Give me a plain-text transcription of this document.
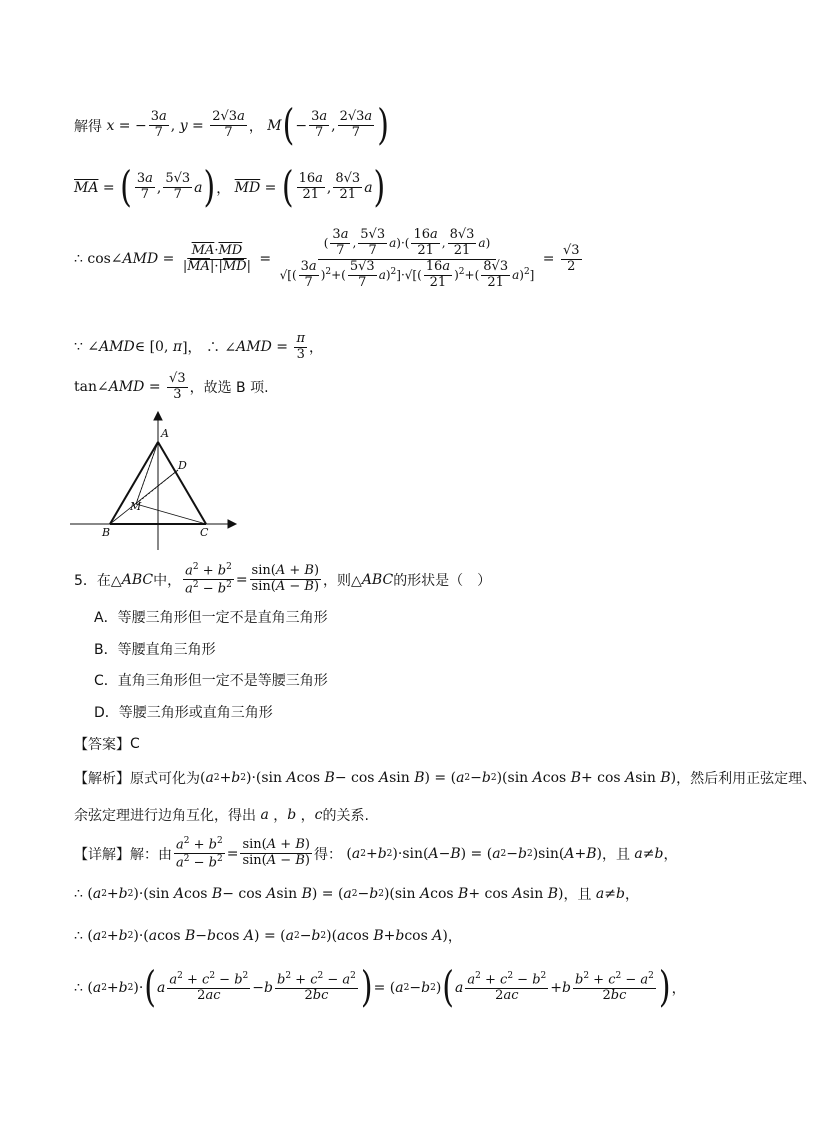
解得 x = − $\frac{3a}{7}$ , $y = \frac{2√3a}{7}$ ， M ( − $\frac{3a}{7}$ , $\frac{2√3a}{7}$ )
$\overline{MA}$ = ( $\frac{3a}{7}$ , $\frac{5√3}{7}$ a ) ， $\overline{MD}$ = ( $\frac{16a}{21}$ , $\frac{8√3}{21}$ a )
∴ cos∠ AMD = $\frac{\overline{MA}\cdot\overline{MD}}{|\overline{MA}|\cdot|\overline{MD}|} = \frac{( \frac{3a}{7} , \frac{5√3}{7} a)\cdot( \frac{16a}{21} , \frac{8√3}{21} a)}{√[( \frac{3a}{7} )^2+( \frac{5√3}{7} a)^2]\cdot√[( \frac{16a}{21} )^2+( \frac{8√3}{21} a)^2]} = \frac{√3}{2}$
∵ ∠ AMD ∈ [0, π ]， ∴ ∠ AMD = $\frac{\pi}{3}$ ，
tan∠ AMD = $\frac{√3}{3}$ ，故选 B 项.
A
D
M
B	C
5． 在△ ABC 中， $\frac{a^2 + b^2}{a^2 - b^2} = \frac{\sin(A + B)}{\sin(A - B)}$ ，则△ ABC 的形状是（　）
A．等腰三角形但一定不是直角三角形
B．等腰直角三角形
C．直角三角形但一定不是等腰三角形
D．等腰三角形或直角三角形
【答案】 C
【解析】 原式可化为 ( a 2 + b 2 )·(sin A cos B − cos A sin B ) = ( a 2 − b 2 )(sin A cos B + cos A sin B ) ，然后利用正弦定理、
余弦定理进行边角互化，得出 a ， b ， c 的关系.
【详解】 解：由 $\frac{a^2 + b^2}{a^2 - b^2} = \frac{\sin(A + B)}{\sin(A - B)}$ 得： ( a 2 + b 2 )·sin( A − B ) = ( a 2 − b 2 )sin( A + B ) ，且
a ≠ b ，
∴ ( a 2 + b 2 )·(sin A cos B − cos A sin B ) = ( a 2 − b 2 )(sin A cos B + cos A sin B ) ，且
a ≠ b ，
∴ ( a 2 + b 2 )·( a cos B − b cos A ) = ( a 2 − b 2 )( a cos B + b cos A ) ，
∴ ( a 2 + b 2 )· ( a $\frac{a^2 + c^2 - b^2}{2ac} - b \frac{b^2 + c^2 - a^2}{2bc}$ ) = ( a 2 − b 2 ) ( a $\frac{a^2 + c^2 - b^2}{2ac} + b \frac{b^2 + c^2 - a^2}{2bc}$ ) ，
